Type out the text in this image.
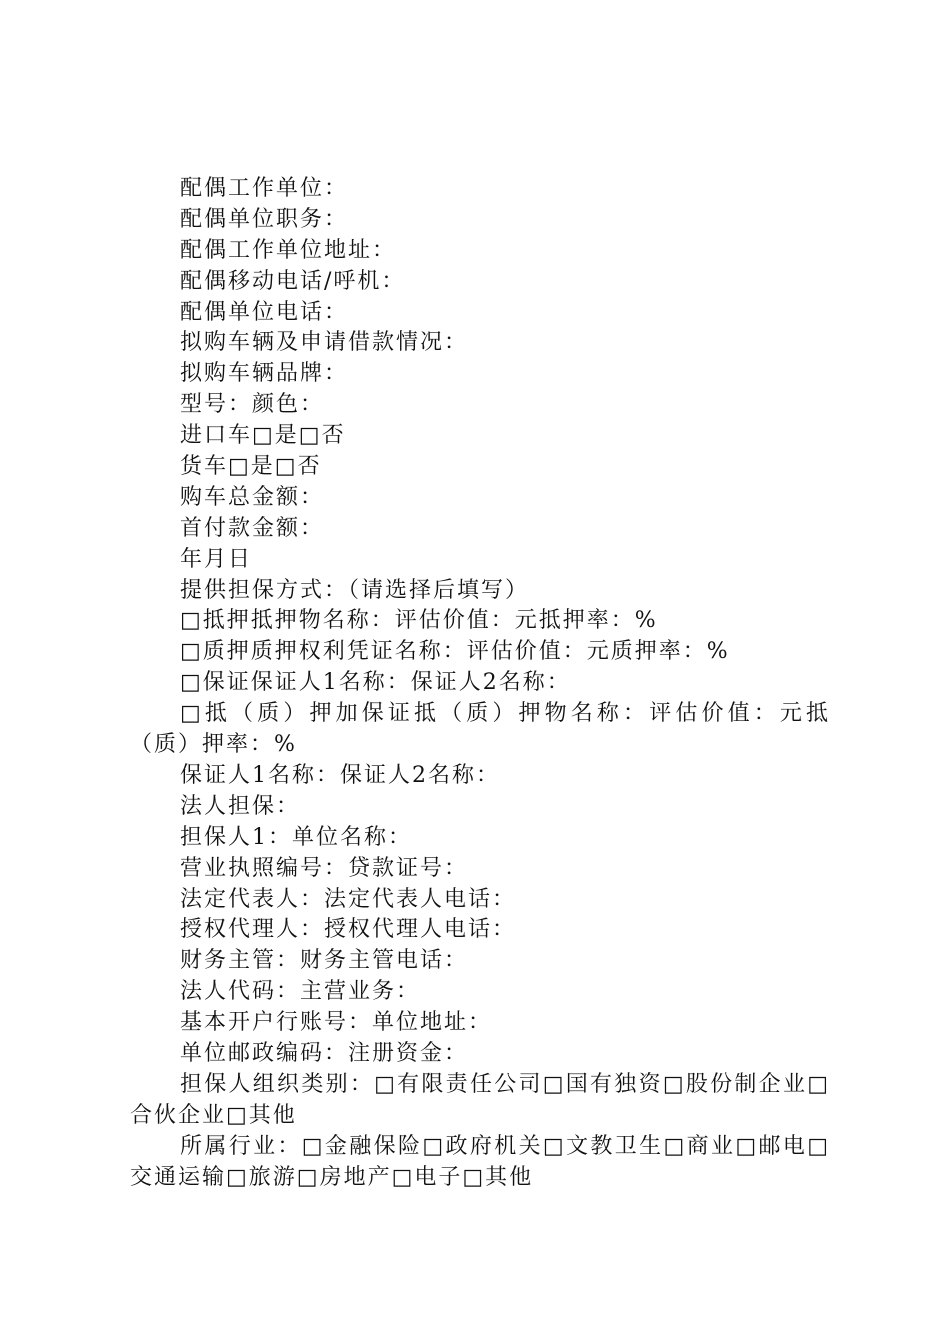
配偶工作单位：
配偶单位职务：
配偶工作单位地址：
配偶移动电话/呼机：
配偶单位电话：
拟购车辆及申请借款情况：
拟购车辆品牌：
型号：颜色：
进口车□是□否
货车□是□否
购车总金额：
首付款金额：
年月日
提供担保方式：（请选择后填写）
□抵押抵押物名称：评估价值：元抵押率：%
□质押质押权利凭证名称：评估价值：元质押率：%
□保证保证人1名称：保证人2名称：
□抵（质）押加保证抵（质）押物名称：评估价值：元抵（质）押率：%
保证人1名称：保证人2名称：
法人担保：
担保人1：单位名称：
营业执照编号：贷款证号：
法定代表人：法定代表人电话：
授权代理人：授权代理人电话：
财务主管：财务主管电话：
法人代码：主营业务：
基本开户行账号：单位地址：
单位邮政编码：注册资金：
担保人组织类别：□有限责任公司□国有独资□股份制企业□合伙企业□其他
所属行业：□金融保险□政府机关□文教卫生□商业□邮电□交通运输□旅游□房地产□电子□其他
